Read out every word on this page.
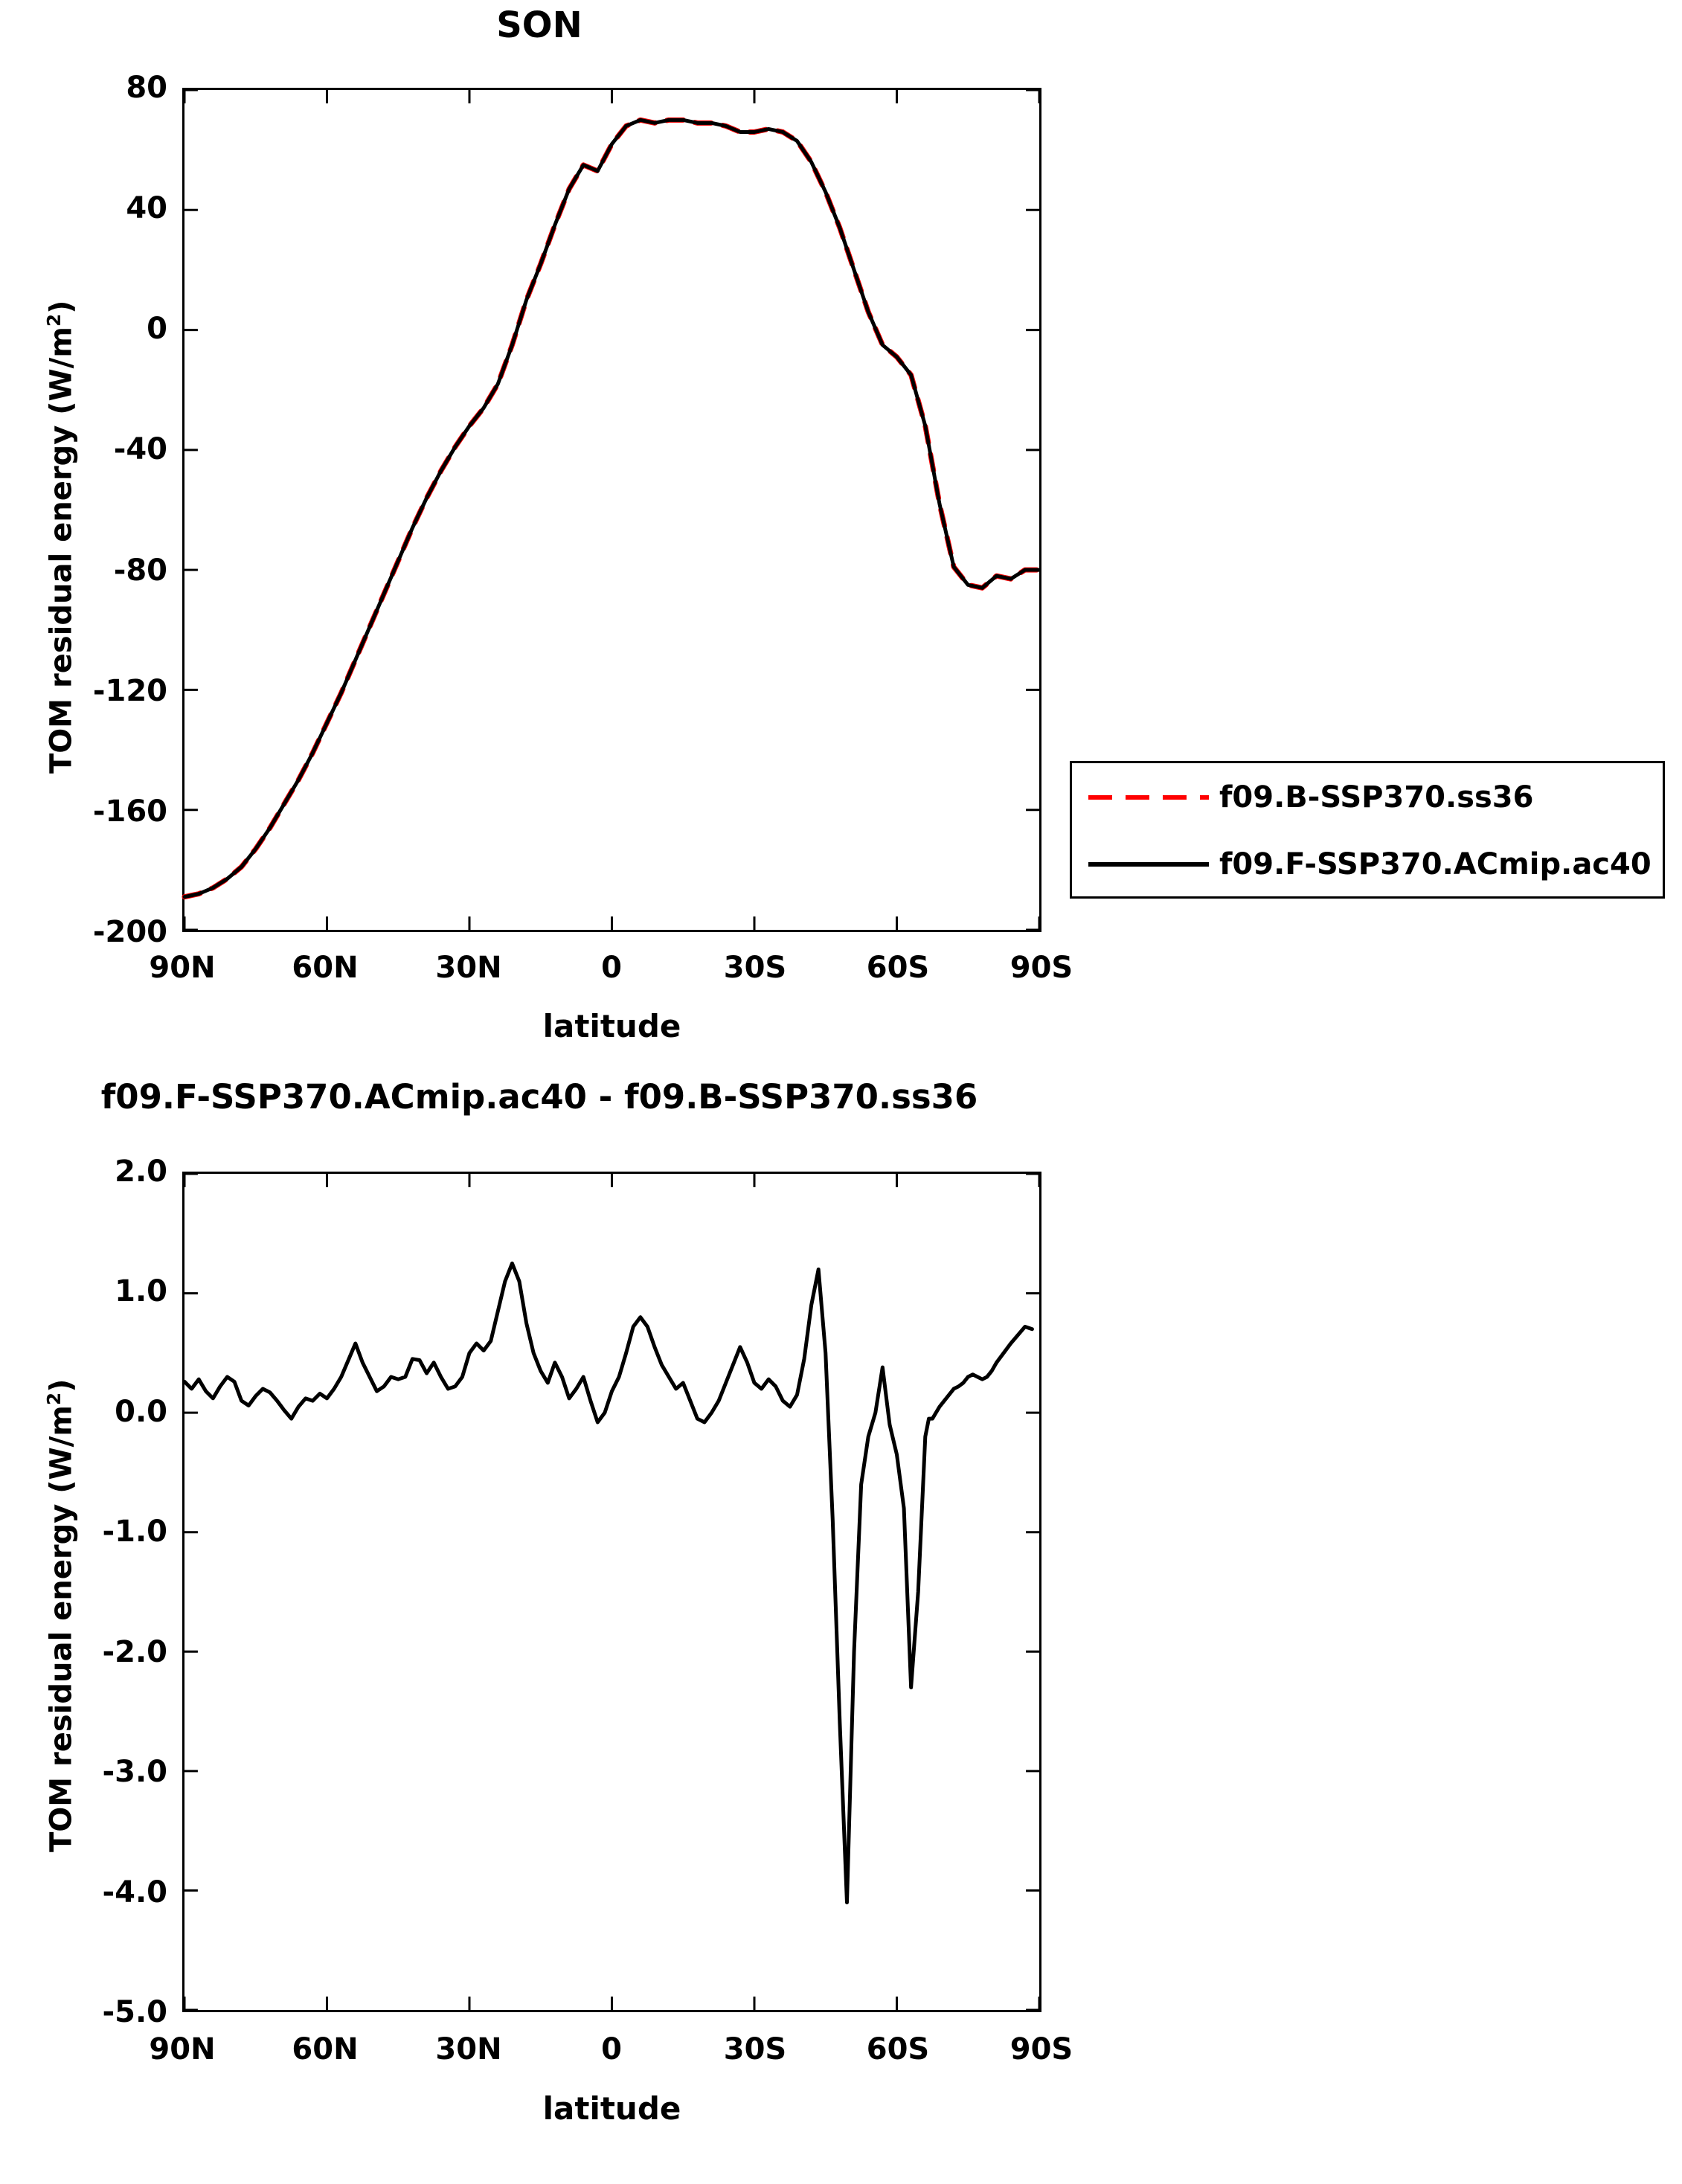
SON
TOM residual energy $(W/m^2)$
80
40
0
-40
-80
-120
-160
-200
90N	60N	30N	0	30S	60S	90S
latitude
f09.B-SSP370.ss36
f09.F-SSP370.ACmip.ac40
f09.F-SSP370.ACmip.ac40 - f09.B-SSP370.ss36
TOM residual energy $(W/m^2)$
2.0
1.0
0.0
-1.0
-2.0
-3.0
-4.0
-5.0
90N	60N	30N	0	30S	60S	90S
latitude
